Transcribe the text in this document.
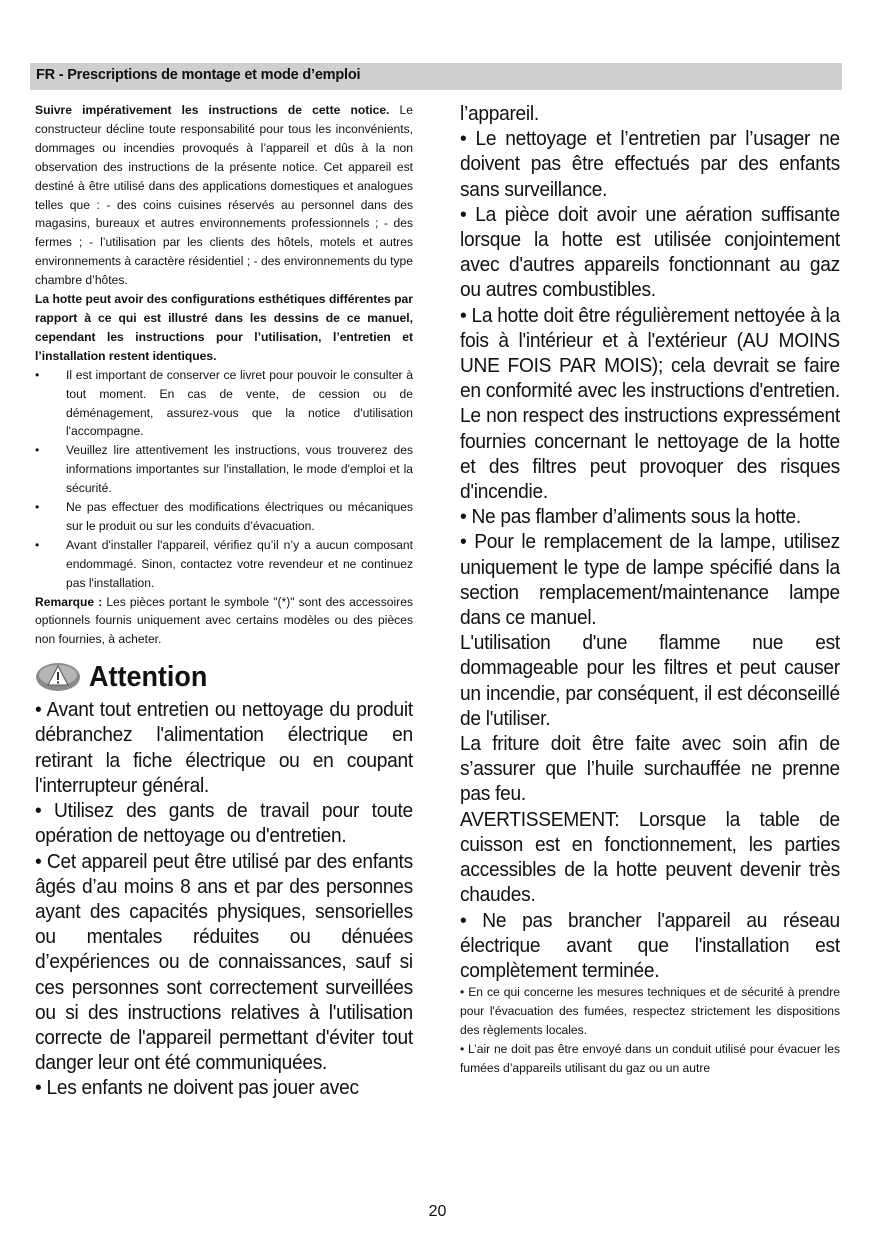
FR - Prescriptions de montage et mode d’emploi

Suivre impérativement les instructions de cette notice. Le constructeur décline toute responsabilité pour tous les inconvénients, dommages ou incendies provoqués à l’appareil et dûs à la non observation des instructions de la présente notice. Cet appareil est destiné à être utilisé dans des applications domestiques et analogues telles que : - des coins cuisines réservés au personnel dans des magasins, bureaux et autres environnements professionnels ; - des fermes ; - l’utilisation par les clients des hôtels, motels et autres environnements à caractère résidentiel ; - des environnements du type chambre d’hôtes.

La hotte peut avoir des configurations esthétiques différentes par rapport à ce qui est illustré dans les dessins de ce manuel, cependant les instructions pour l’utilisation, l’entretien et l’installation restent identiques.

• Il est important de conserver ce livret pour pouvoir le consulter à tout moment. En cas de vente, de cession ou de déménagement, assurez-vous que la notice d'utilisation l'accompagne.
• Veuillez lire attentivement les instructions, vous trouverez des informations importantes sur l'installation, le mode d'emploi et la sécurité.
• Ne pas effectuer des modifications électriques ou mécaniques sur le produit ou sur les conduits d’évacuation.
• Avant d'installer l'appareil, vérifiez qu’il n’y a aucun composant endommagé. Sinon, contactez votre revendeur et ne continuez pas l'installation.

Remarque : Les pièces portant le symbole "(*)" sont des accessoires optionnels fournis uniquement avec certains modèles ou des pièces non fournies, à acheter.

Attention

• Avant tout entretien ou nettoyage du produit débranchez l'alimentation électrique en retirant la fiche électrique ou en coupant l'interrupteur général.

• Utilisez des gants de travail pour toute opération de nettoyage ou d'entretien.

• Cet appareil peut être utilisé par des enfants âgés d’au moins 8 ans et par des personnes ayant des capacités physiques, sensorielles ou mentales réduites ou dénuées d’expériences ou de connaissances, sauf si ces personnes sont correctement surveillées ou si des instructions relatives à l'utilisation correcte de l'appareil permettant d'éviter tout danger leur ont été communiquées.

• Les enfants ne doivent pas jouer avec

l’appareil.

• Le nettoyage et l’entretien par l’usager ne doivent pas être effectués par des enfants sans surveillance.

• La pièce doit avoir une aération suffisante lorsque la hotte est utilisée conjointement avec d'autres appareils fonctionnant au gaz ou autres combustibles.

• La hotte doit être régulièrement nettoyée à la fois à l'intérieur et à l'extérieur (AU MOINS UNE FOIS PAR MOIS); cela devrait se faire en conformité avec les instructions d'entretien. Le non respect des instructions expressément fournies concernant le nettoyage de la hotte et des filtres peut provoquer des risques d'incendie.

• Ne pas flamber d’aliments sous la hotte.

• Pour le remplacement de la lampe, utilisez uniquement le type de lampe spécifié dans la section remplacement/maintenance lampe dans ce manuel.

L'utilisation d'une flamme nue est dommageable pour les filtres et peut causer un incendie, par conséquent, il est déconseillé de l'utiliser.

La friture doit être faite avec soin afin de s’assurer que l’huile surchauffée ne prenne pas feu.

AVERTISSEMENT: Lorsque la table de cuisson est en fonctionnement, les parties accessibles de la hotte peuvent devenir très chaudes.

• Ne pas brancher l'appareil au réseau électrique avant que l'installation est complètement terminée.

• En ce qui concerne les mesures techniques et de sécurité à prendre pour l'évacuation des fumées, respectez strictement les dispositions des règlements locales.

• L’air ne doit pas être envoyé dans un conduit utilisé pour évacuer les fumées d’appareils utilisant du gaz ou un autre

20
